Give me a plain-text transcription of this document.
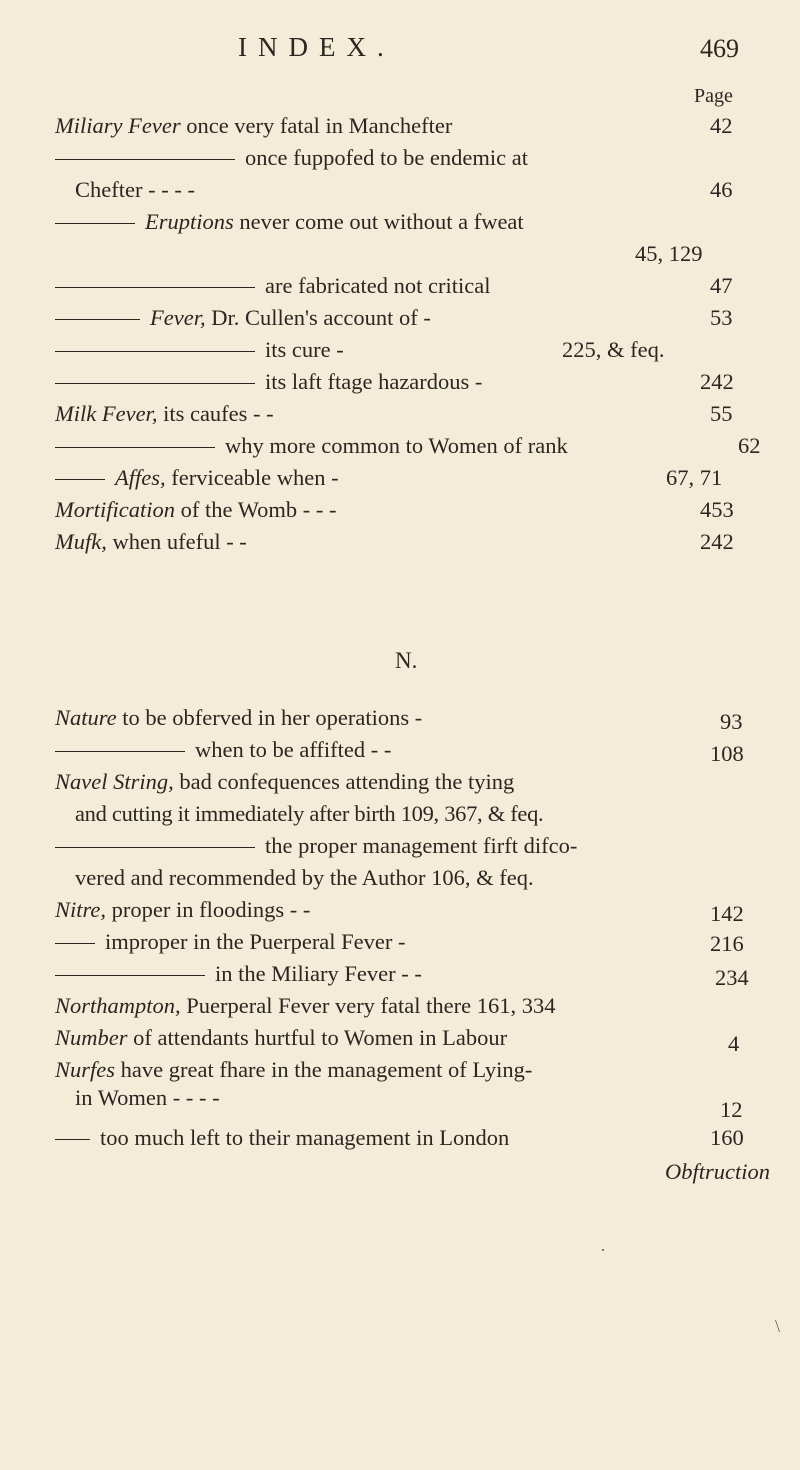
INDEX.	469
Page
Miliary Fever once very fatal in Manchefter	42
once fuppofed to be endemic at
Chefter - - - -	46
Eruptions never come out without a fweat
45, 129
are fabricated not critical	47
Fever, Dr. Cullen's account of -	53
its cure -	225, & feq.
its laft ftage hazardous -	242
Milk Fever, its caufes - -	55
why more common to Women of rank	62
Affes, ferviceable when -	67, 71
Mortification of the Womb - - -	453
Mufk, when ufeful - -	242
N.
Nature to be obferved in her operations -	93
when to be affifted - -	108
Navel String, bad confequences attending the tying
and cutting it immediately after birth 109, 367, & feq.
the proper management firft difco-
vered and recommended by the Author 106, & feq.
Nitre, proper in floodings - -	142
improper in the Puerperal Fever -	216
in the Miliary Fever - -	234
Northampton, Puerperal Fever very fatal there 161, 334
Number of attendants hurtful to Women in Labour	4
Nurfes have great fhare in the management of Lying-
in Women - - - -	12
too much left to their management in London	160
Obftruction
·
\
